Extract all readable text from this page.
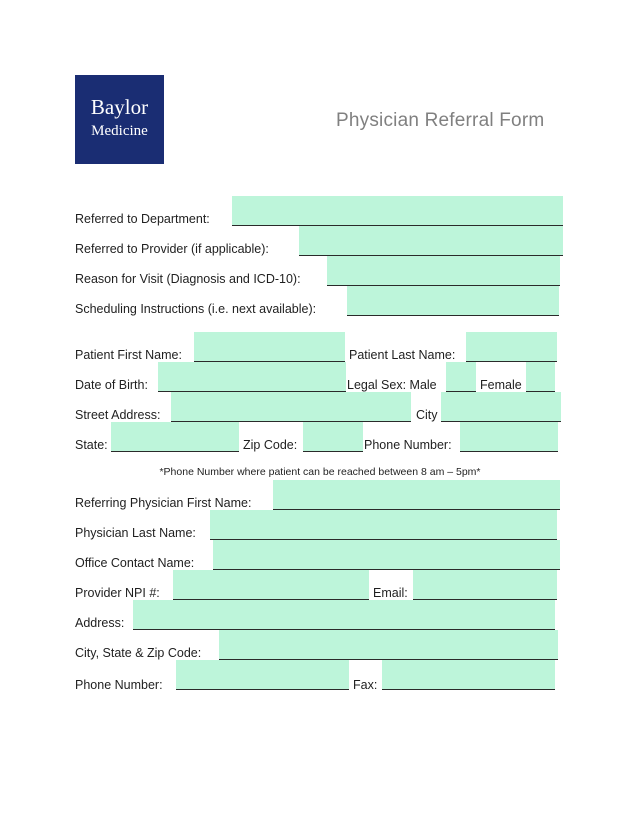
Baylor
Medicine	Physician Referral Form
Referred to Department:
Referred to Provider (if applicable):
Reason for Visit (Diagnosis and ICD-10):
Scheduling Instructions (i.e. next available):
Patient First Name:	Patient Last Name:
Date of Birth:	Legal Sex: Male	Female
Street Address:	City
State:	Zip Code:	Phone Number:
*Phone Number where patient can be reached between 8 am – 5pm*
Referring Physician First Name:
Physician Last Name:
Office Contact Name:
Provider NPI #:	Email:
Address:
City, State & Zip Code:
Phone Number:	Fax:
